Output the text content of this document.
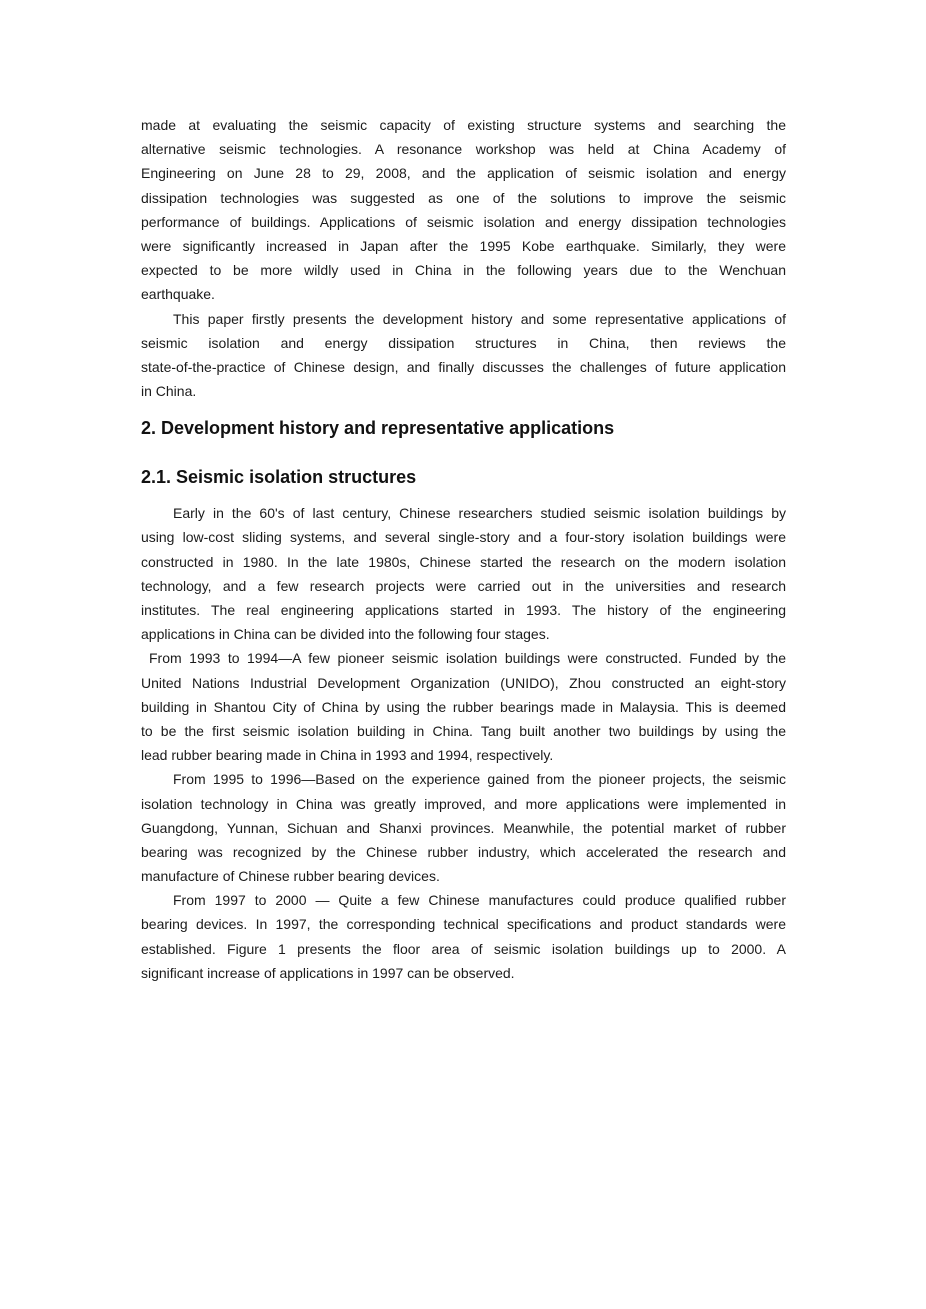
made at evaluating the seismic capacity of existing structure systems and searching the
alternative seismic technologies. A resonance workshop was held at China Academy of
Engineering on June 28 to 29, 2008, and the application of seismic isolation and energy
dissipation technologies was suggested as one of the solutions to improve the seismic
performance of buildings. Applications of seismic isolation and energy dissipation technologies
were significantly increased in Japan after the 1995 Kobe earthquake. Similarly, they were
expected to be more wildly used in China in the following years due to the Wenchuan
earthquake.

This paper firstly presents the development history and some representative applications of
seismic isolation and energy dissipation structures in China, then reviews the
state-of-the-practice of Chinese design, and finally discusses the challenges of future application
in China.

2. Development history and representative applications
2.1. Seismic isolation structures

Early in the 60's of last century, Chinese researchers studied seismic isolation buildings by
using low-cost sliding systems, and several single-story and a four-story isolation buildings were
constructed in 1980. In the late 1980s, Chinese started the research on the modern isolation
technology, and a few research projects were carried out in the universities and research
institutes. The real engineering applications started in 1993. The history of the engineering
applications in China can be divided into the following four stages.

From 1993 to 1994—A few pioneer seismic isolation buildings were constructed. Funded by the
United Nations Industrial Development Organization (UNIDO), Zhou constructed an eight-story
building in Shantou City of China by using the rubber bearings made in Malaysia. This is deemed
to be the first seismic isolation building in China. Tang built another two buildings by using the
lead rubber bearing made in China in 1993 and 1994, respectively.

From 1995 to 1996—Based on the experience gained from the pioneer projects, the seismic
isolation technology in China was greatly improved, and more applications were implemented in
Guangdong, Yunnan, Sichuan and Shanxi provinces. Meanwhile, the potential market of rubber
bearing was recognized by the Chinese rubber industry, which accelerated the research and
manufacture of Chinese rubber bearing devices.

From 1997 to 2000 — Quite a few Chinese manufactures could produce qualified rubber
bearing devices. In 1997, the corresponding technical specifications and product standards were
established. Figure 1 presents the floor area of seismic isolation buildings up to 2000. A
significant increase of applications in 1997 can be observed.
